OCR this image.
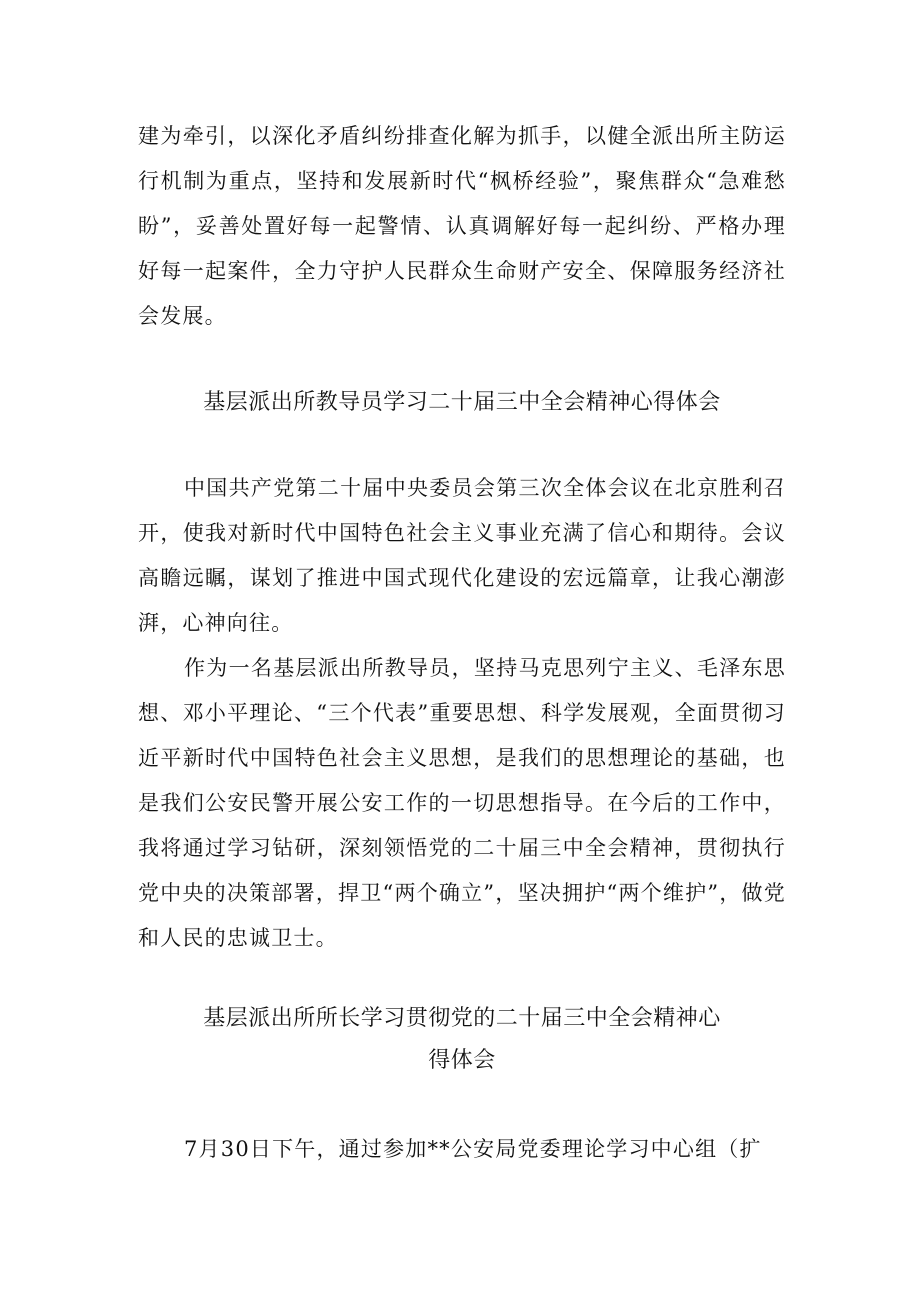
建为牵引，以深化矛盾纠纷排查化解为抓手，以健全派出所主防运行机制为重点，坚持和发展新时代“枫桥经验”，聚焦群众“急难愁盼”，妥善处置好每一起警情、认真调解好每一起纠纷、严格办理好每一起案件，全力守护人民群众生命财产安全、保障服务经济社会发展。

基层派出所教导员学习二十届三中全会精神心得体会

中国共产党第二十届中央委员会第三次全体会议在北京胜利召开，使我对新时代中国特色社会主义事业充满了信心和期待。会议高瞻远瞩，谋划了推进中国式现代化建设的宏远篇章，让我心潮澎湃，心神向往。

作为一名基层派出所教导员，坚持马克思列宁主义、毛泽东思想、邓小平理论、“三个代表”重要思想、科学发展观，全面贯彻习近平新时代中国特色社会主义思想，是我们的思想理论的基础，也是我们公安民警开展公安工作的一切思想指导。在今后的工作中，我将通过学习钻研，深刻领悟党的二十届三中全会精神，贯彻执行党中央的决策部署，捍卫“两个确立”，坚决拥护“两个维护”，做党和人民的忠诚卫士。

基层派出所所长学习贯彻党的二十届三中全会精神心
得体会

7月30日下午，通过参加**公安局党委理论学习中心组（扩
